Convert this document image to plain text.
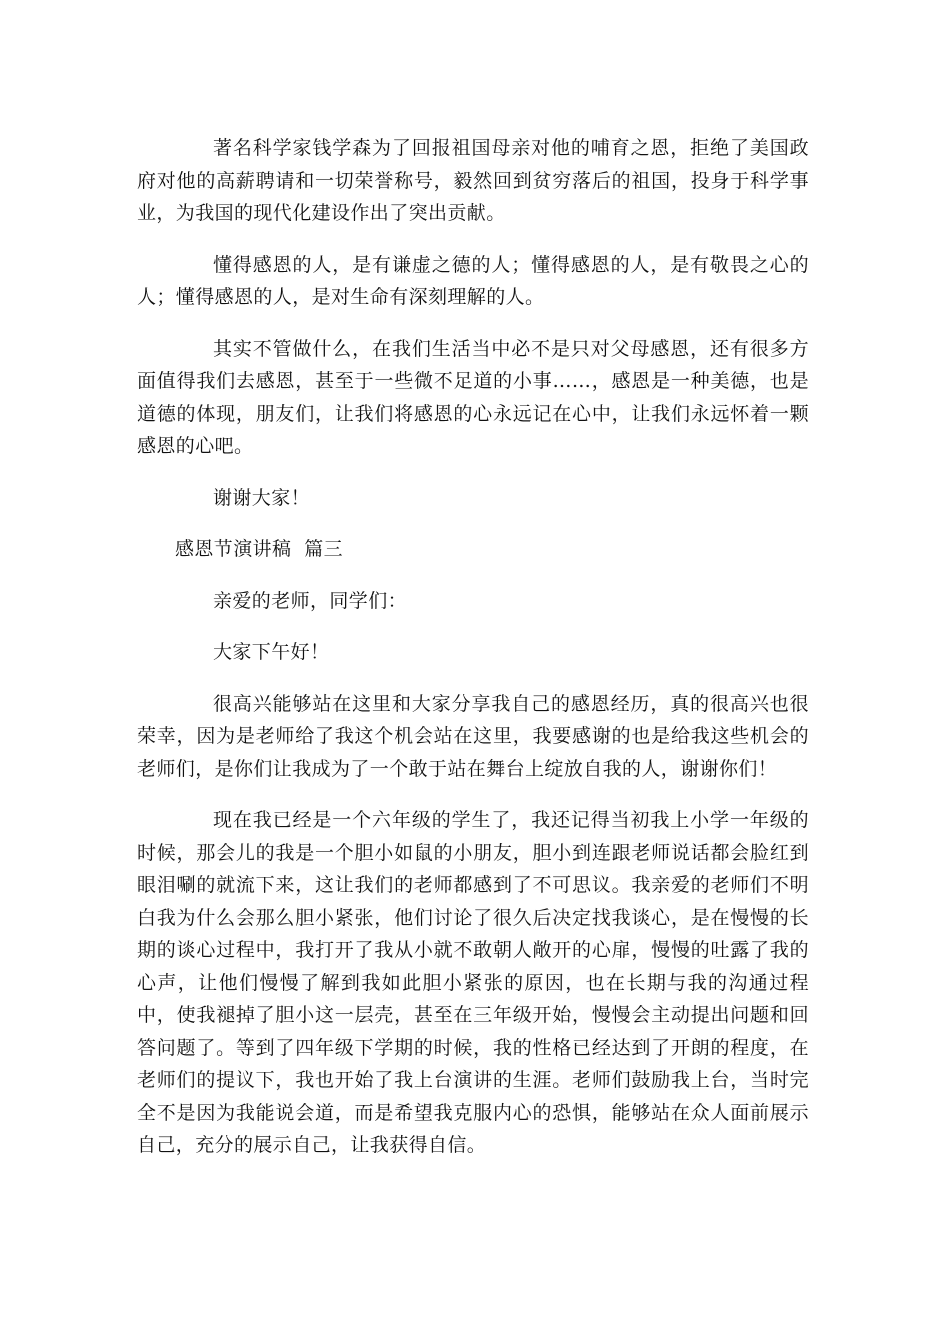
著名科学家钱学森为了回报祖国母亲对他的哺育之恩，拒绝了美国政府对他的高薪聘请和一切荣誉称号，毅然回到贫穷落后的祖国，投身于科学事业，为我国的现代化建设作出了突出贡献。

懂得感恩的人，是有谦虚之德的人；懂得感恩的人，是有敬畏之心的人；懂得感恩的人，是对生命有深刻理解的人。

其实不管做什么，在我们生活当中必不是只对父母感恩，还有很多方面值得我们去感恩，甚至于一些微不足道的小事……，感恩是一种美德，也是道德的体现，朋友们，让我们将感恩的心永远记在心中，让我们永远怀着一颗感恩的心吧。

谢谢大家！

感恩节演讲稿  篇三

亲爱的老师，同学们：

大家下午好！

很高兴能够站在这里和大家分享我自己的感恩经历，真的很高兴也很荣幸，因为是老师给了我这个机会站在这里，我要感谢的也是给我这些机会的老师们，是你们让我成为了一个敢于站在舞台上绽放自我的人，谢谢你们！

现在我已经是一个六年级的学生了，我还记得当初我上小学一年级的时候，那会儿的我是一个胆小如鼠的小朋友，胆小到连跟老师说话都会脸红到眼泪唰的就流下来，这让我们的老师都感到了不可思议。我亲爱的老师们不明白我为什么会那么胆小紧张，他们讨论了很久后决定找我谈心，是在慢慢的长期的谈心过程中，我打开了我从小就不敢朝人敞开的心扉，慢慢的吐露了我的心声，让他们慢慢了解到我如此胆小紧张的原因，也在长期与我的沟通过程中，使我褪掉了胆小这一层壳，甚至在三年级开始，慢慢会主动提出问题和回答问题了。等到了四年级下学期的时候，我的性格已经达到了开朗的程度，在老师们的提议下，我也开始了我上台演讲的生涯。老师们鼓励我上台，当时完全不是因为我能说会道，而是希望我克服内心的恐惧，能够站在众人面前展示自己，充分的展示自己，让我获得自信。
